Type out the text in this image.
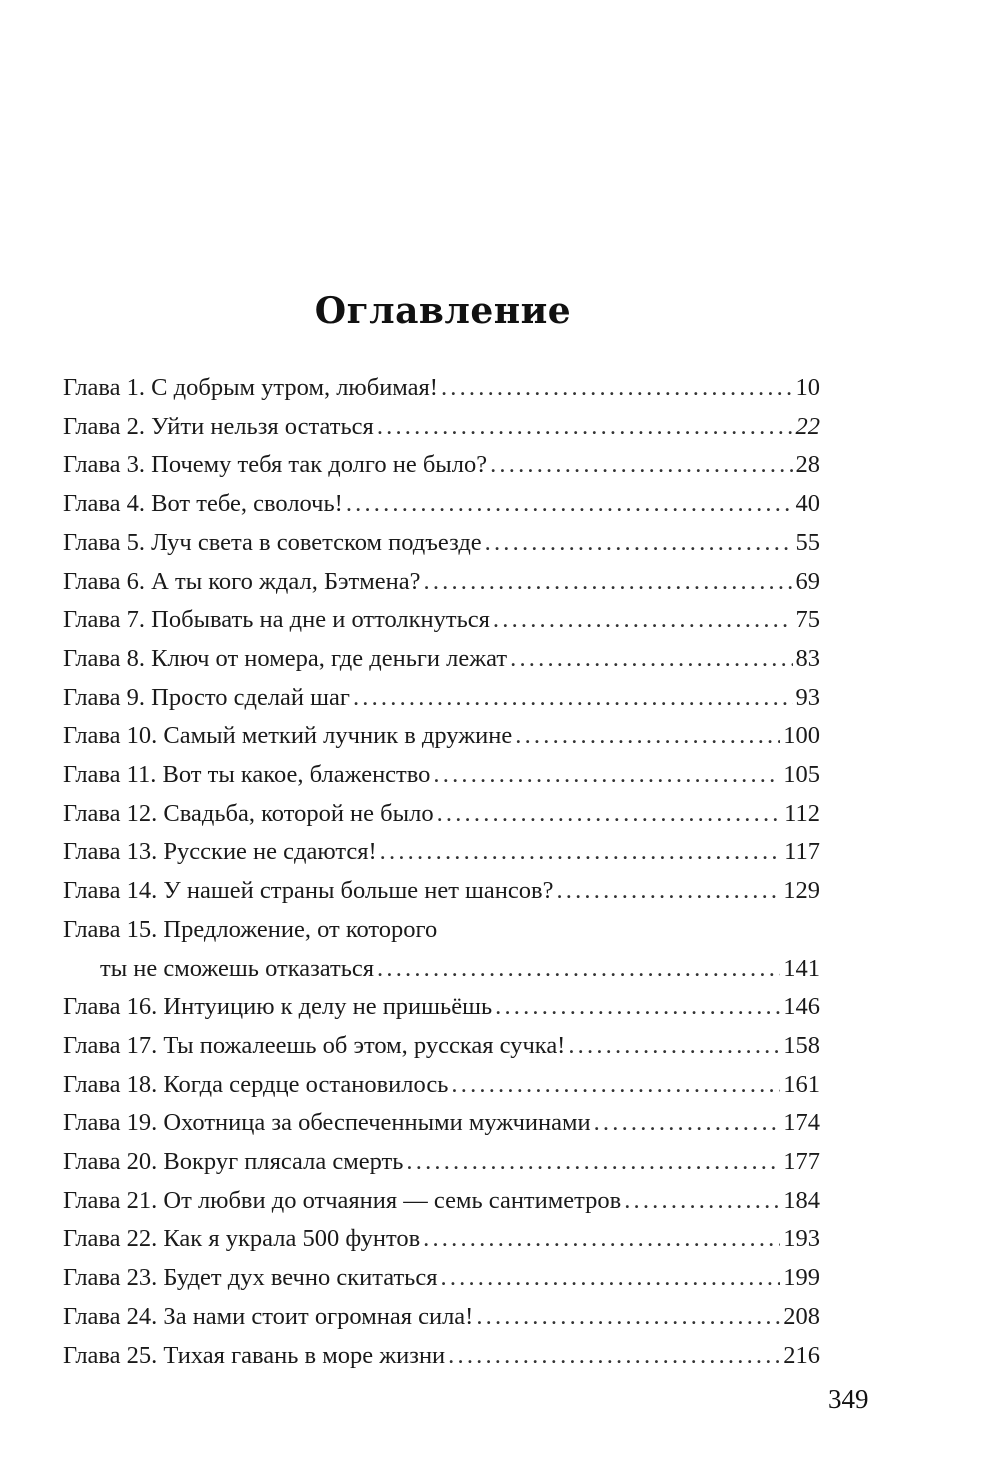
Оглавление
Глава 1. С добрым утром, любимая! .....	10
Глава 2. Уйти нельзя остаться .....	22
Глава 3. Почему тебя так долго не было? .....	28
Глава 4. Вот тебе, сволочь! .....	40
Глава 5. Луч света в советском подъезде .....	55
Глава 6. А ты кого ждал, Бэтмена? .....	69
Глава 7. Побывать на дне и оттолкнуться .....	75
Глава 8. Ключ от номера, где деньги лежат .....	83
Глава 9. Просто сделай шаг .....	93
Глава 10. Самый меткий лучник в дружине .....	100
Глава 11. Вот ты какое, блаженство .....	105
Глава 12. Свадьба, которой не было .....	112
Глава 13. Русские не сдаются! .....	117
Глава 14. У нашей страны больше нет шансов? .....	129
Глава 15. Предложение, от которого
ты не сможешь отказаться .....	141
Глава 16. Интуицию к делу не пришьёшь .....	146
Глава 17. Ты пожалеешь об этом, русская сучка! .....	158
Глава 18. Когда сердце остановилось .....	161
Глава 19. Охотница за обеспеченными мужчинами .....	174
Глава 20. Вокруг плясала смерть .....	177
Глава 21. От любви до отчаяния — семь сантиметров .....	184
Глава 22. Как я украла 500 фунтов .....	193
Глава 23. Будет дух вечно скитаться .....	199
Глава 24. За нами стоит огромная сила! .....	208
Глава 25. Тихая гавань в море жизни .....	216
349
